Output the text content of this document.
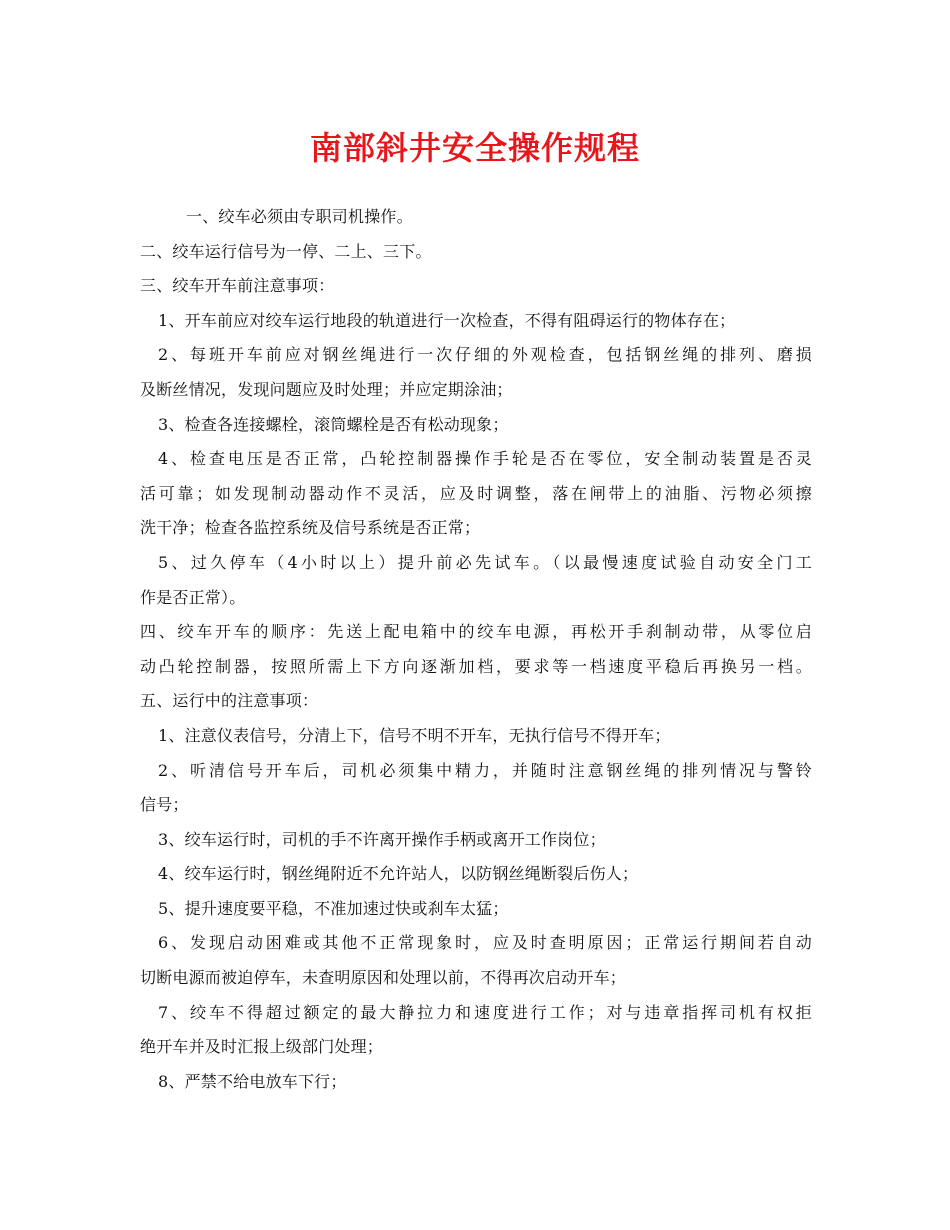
南部斜井安全操作规程
一、绞车必须由专职司机操作。
二、绞车运行信号为一停、二上、三下。
三、绞车开车前注意事项：
1、开车前应对绞车运行地段的轨道进行一次检查，不得有阻碍运行的物体存在；
2、每班开车前应对钢丝绳进行一次仔细的外观检查，包括钢丝绳的排列、磨损
及断丝情况，发现问题应及时处理；并应定期涂油；
3、检查各连接螺栓，滚筒螺栓是否有松动现象；
4、检查电压是否正常，凸轮控制器操作手轮是否在零位，安全制动装置是否灵
活可靠；如发现制动器动作不灵活，应及时调整，落在闸带上的油脂、污物必须擦
洗干净；检查各监控系统及信号系统是否正常；
5、过久停车（4小时以上）提升前必先试车。（以最慢速度试验自动安全门工
作是否正常）。
四、绞车开车的顺序：先送上配电箱中的绞车电源，再松开手刹制动带，从零位启
动凸轮控制器，按照所需上下方向逐渐加档，要求等一档速度平稳后再换另一档。
五、运行中的注意事项：
1、注意仪表信号，分清上下，信号不明不开车，无执行信号不得开车；
2、听清信号开车后，司机必须集中精力，并随时注意钢丝绳的排列情况与警铃
信号；
3、绞车运行时，司机的手不许离开操作手柄或离开工作岗位；
4、绞车运行时，钢丝绳附近不允许站人，以防钢丝绳断裂后伤人；
5、提升速度要平稳，不准加速过快或刹车太猛；
6、发现启动困难或其他不正常现象时，应及时查明原因；正常运行期间若自动
切断电源而被迫停车，未查明原因和处理以前，不得再次启动开车；
7、绞车不得超过额定的最大静拉力和速度进行工作；对与违章指挥司机有权拒
绝开车并及时汇报上级部门处理；
8、严禁不给电放车下行；
